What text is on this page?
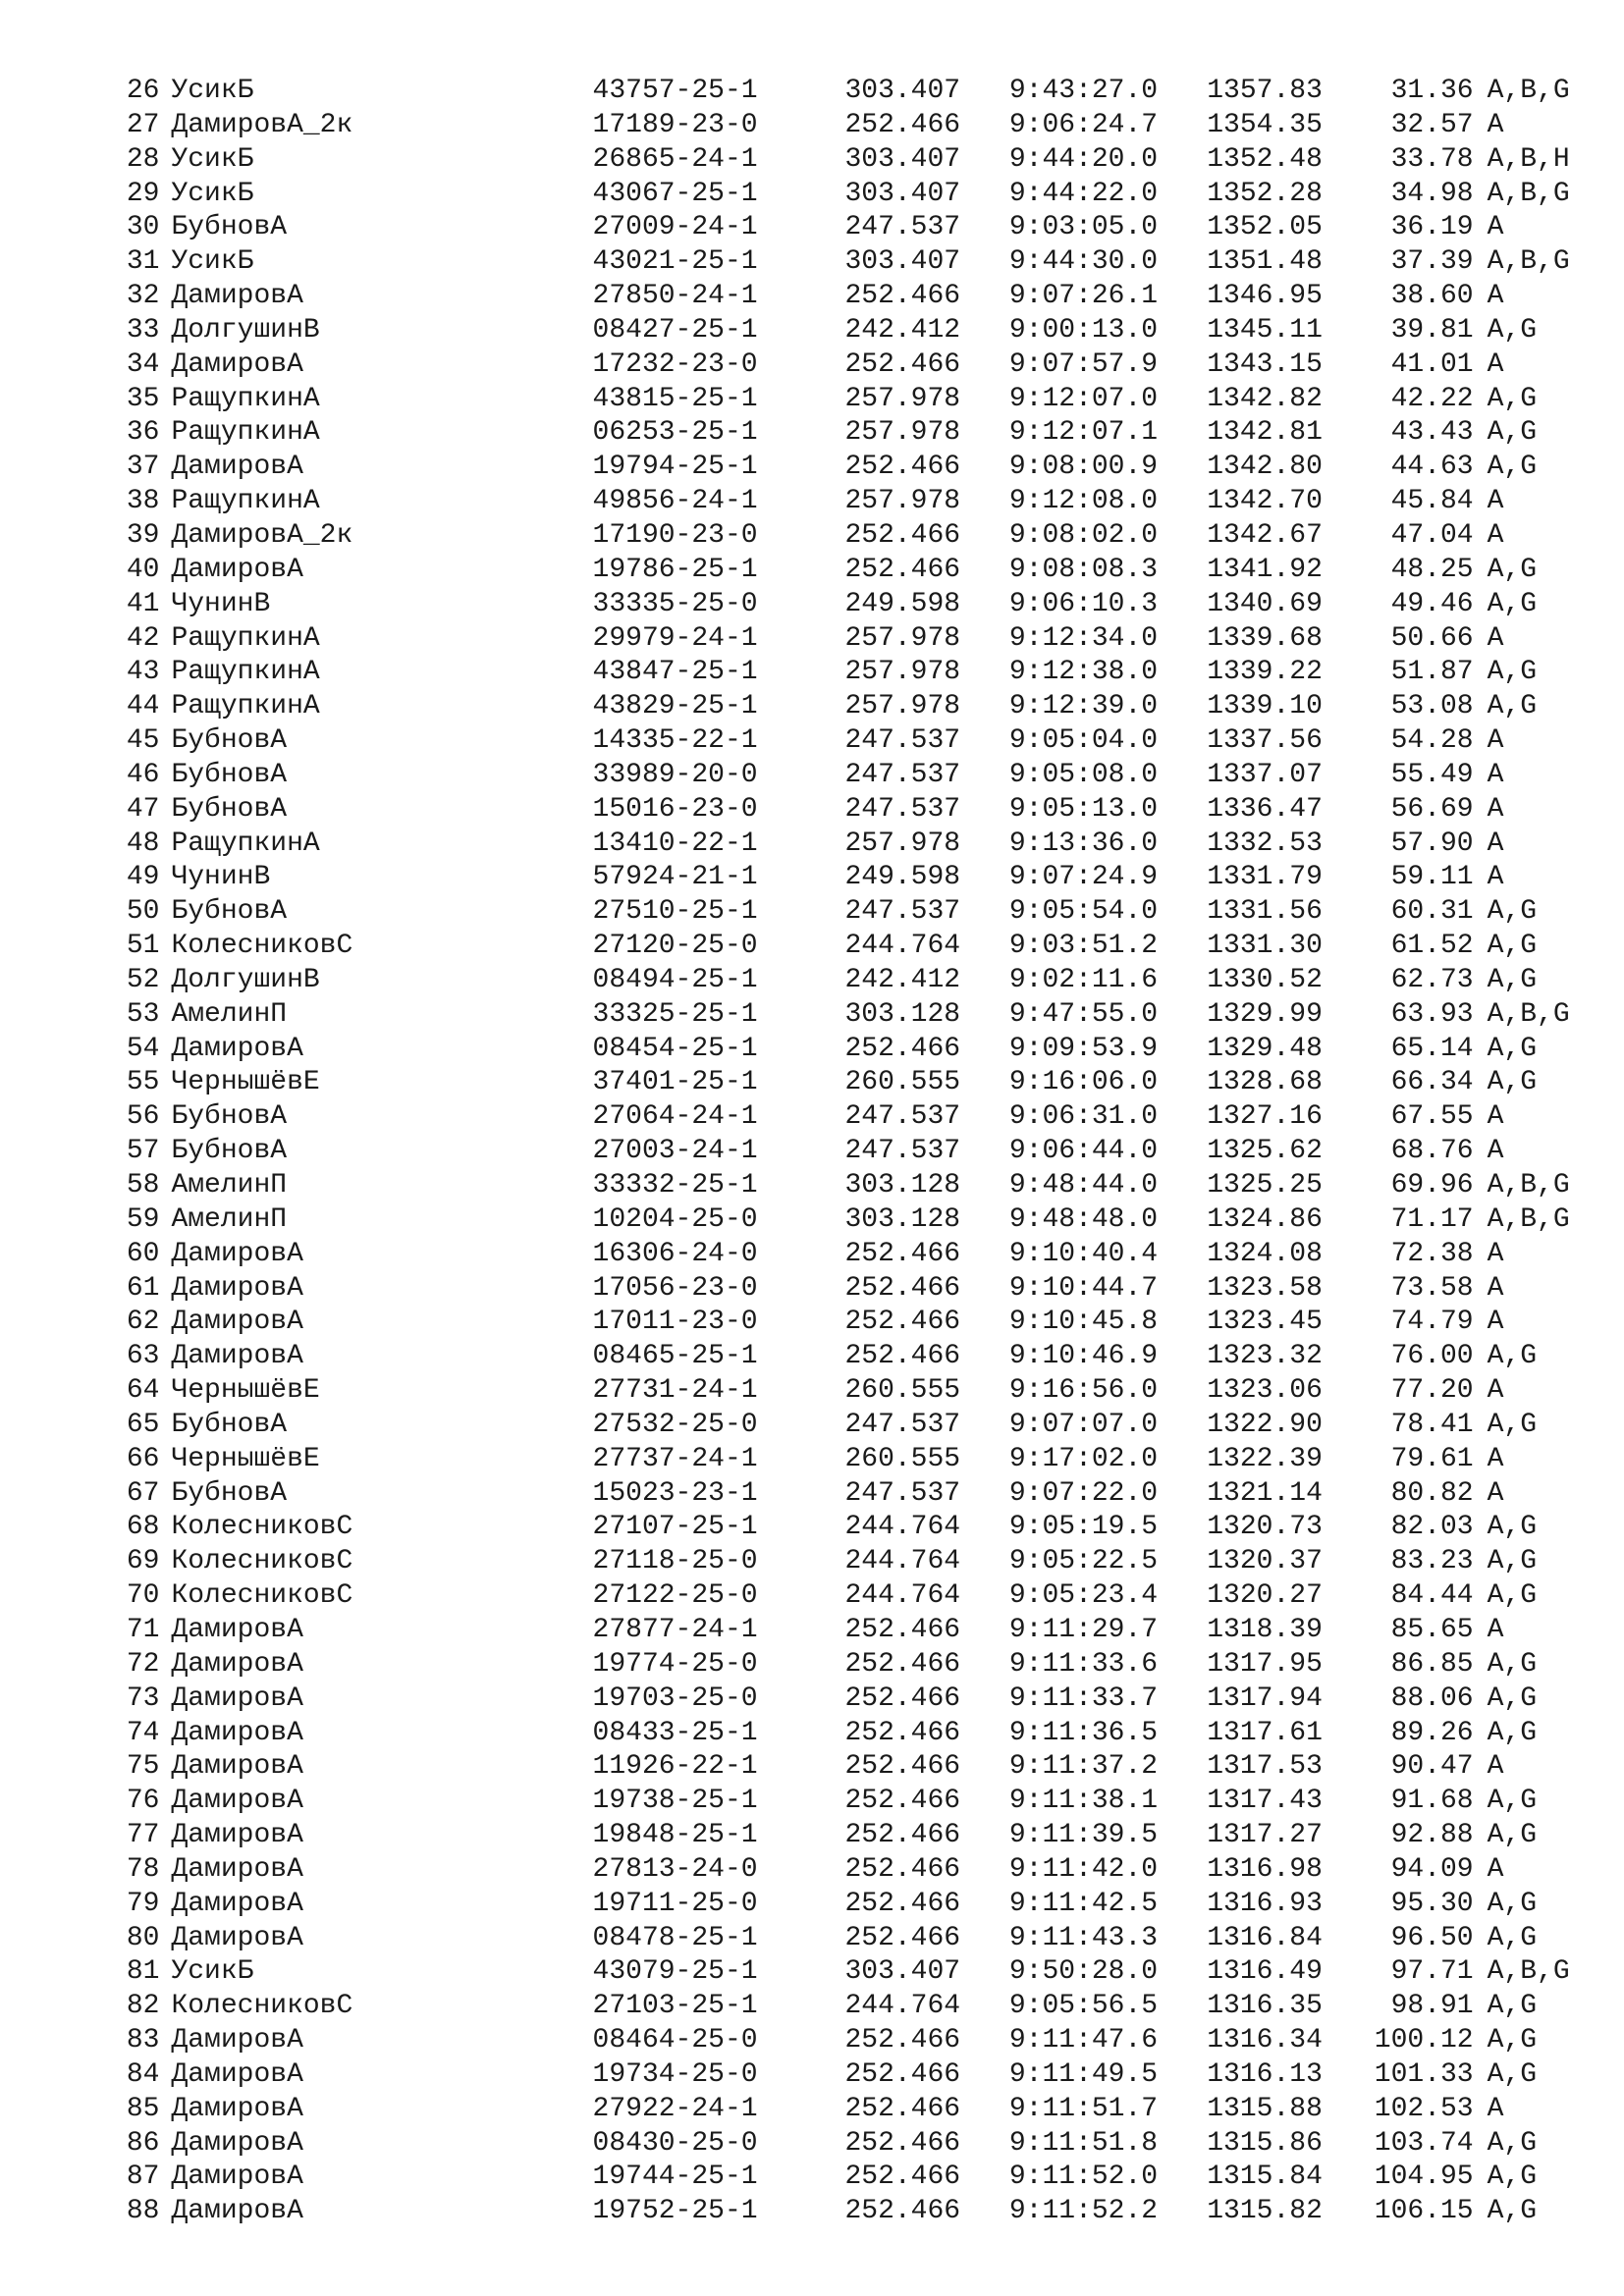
26	УсикБ	43757-25-1	303.407	9:43:27.0	1357.83	31.36	A,B,G
27	ДамировА_2к	17189-23-0	252.466	9:06:24.7	1354.35	32.57	A
28	УсикБ	26865-24-1	303.407	9:44:20.0	1352.48	33.78	A,B,H
29	УсикБ	43067-25-1	303.407	9:44:22.0	1352.28	34.98	A,B,G
30	БубновА	27009-24-1	247.537	9:03:05.0	1352.05	36.19	A
31	УсикБ	43021-25-1	303.407	9:44:30.0	1351.48	37.39	A,B,G
32	ДамировА	27850-24-1	252.466	9:07:26.1	1346.95	38.60	A
33	ДолгушинВ	08427-25-1	242.412	9:00:13.0	1345.11	39.81	A,G
34	ДамировА	17232-23-0	252.466	9:07:57.9	1343.15	41.01	A
35	РащупкинА	43815-25-1	257.978	9:12:07.0	1342.82	42.22	A,G
36	РащупкинА	06253-25-1	257.978	9:12:07.1	1342.81	43.43	A,G
37	ДамировА	19794-25-1	252.466	9:08:00.9	1342.80	44.63	A,G
38	РащупкинА	49856-24-1	257.978	9:12:08.0	1342.70	45.84	A
39	ДамировА_2к	17190-23-0	252.466	9:08:02.0	1342.67	47.04	A
40	ДамировА	19786-25-1	252.466	9:08:08.3	1341.92	48.25	A,G
41	ЧунинВ	33335-25-0	249.598	9:06:10.3	1340.69	49.46	A,G
42	РащупкинА	29979-24-1	257.978	9:12:34.0	1339.68	50.66	A
43	РащупкинА	43847-25-1	257.978	9:12:38.0	1339.22	51.87	A,G
44	РащупкинА	43829-25-1	257.978	9:12:39.0	1339.10	53.08	A,G
45	БубновА	14335-22-1	247.537	9:05:04.0	1337.56	54.28	A
46	БубновА	33989-20-0	247.537	9:05:08.0	1337.07	55.49	A
47	БубновА	15016-23-0	247.537	9:05:13.0	1336.47	56.69	A
48	РащупкинА	13410-22-1	257.978	9:13:36.0	1332.53	57.90	A
49	ЧунинВ	57924-21-1	249.598	9:07:24.9	1331.79	59.11	A
50	БубновА	27510-25-1	247.537	9:05:54.0	1331.56	60.31	A,G
51	КолесниковС	27120-25-0	244.764	9:03:51.2	1331.30	61.52	A,G
52	ДолгушинВ	08494-25-1	242.412	9:02:11.6	1330.52	62.73	A,G
53	АмелинП	33325-25-1	303.128	9:47:55.0	1329.99	63.93	A,B,G
54	ДамировА	08454-25-1	252.466	9:09:53.9	1329.48	65.14	A,G
55	ЧернышёвЕ	37401-25-1	260.555	9:16:06.0	1328.68	66.34	A,G
56	БубновА	27064-24-1	247.537	9:06:31.0	1327.16	67.55	A
57	БубновА	27003-24-1	247.537	9:06:44.0	1325.62	68.76	A
58	АмелинП	33332-25-1	303.128	9:48:44.0	1325.25	69.96	A,B,G
59	АмелинП	10204-25-0	303.128	9:48:48.0	1324.86	71.17	A,B,G
60	ДамировА	16306-24-0	252.466	9:10:40.4	1324.08	72.38	A
61	ДамировА	17056-23-0	252.466	9:10:44.7	1323.58	73.58	A
62	ДамировА	17011-23-0	252.466	9:10:45.8	1323.45	74.79	A
63	ДамировА	08465-25-1	252.466	9:10:46.9	1323.32	76.00	A,G
64	ЧернышёвЕ	27731-24-1	260.555	9:16:56.0	1323.06	77.20	A
65	БубновА	27532-25-0	247.537	9:07:07.0	1322.90	78.41	A,G
66	ЧернышёвЕ	27737-24-1	260.555	9:17:02.0	1322.39	79.61	A
67	БубновА	15023-23-1	247.537	9:07:22.0	1321.14	80.82	A
68	КолесниковС	27107-25-1	244.764	9:05:19.5	1320.73	82.03	A,G
69	КолесниковС	27118-25-0	244.764	9:05:22.5	1320.37	83.23	A,G
70	КолесниковС	27122-25-0	244.764	9:05:23.4	1320.27	84.44	A,G
71	ДамировА	27877-24-1	252.466	9:11:29.7	1318.39	85.65	A
72	ДамировА	19774-25-0	252.466	9:11:33.6	1317.95	86.85	A,G
73	ДамировА	19703-25-0	252.466	9:11:33.7	1317.94	88.06	A,G
74	ДамировА	08433-25-1	252.466	9:11:36.5	1317.61	89.26	A,G
75	ДамировА	11926-22-1	252.466	9:11:37.2	1317.53	90.47	A
76	ДамировА	19738-25-1	252.466	9:11:38.1	1317.43	91.68	A,G
77	ДамировА	19848-25-1	252.466	9:11:39.5	1317.27	92.88	A,G
78	ДамировА	27813-24-0	252.466	9:11:42.0	1316.98	94.09	A
79	ДамировА	19711-25-0	252.466	9:11:42.5	1316.93	95.30	A,G
80	ДамировА	08478-25-1	252.466	9:11:43.3	1316.84	96.50	A,G
81	УсикБ	43079-25-1	303.407	9:50:28.0	1316.49	97.71	A,B,G
82	КолесниковС	27103-25-1	244.764	9:05:56.5	1316.35	98.91	A,G
83	ДамировА	08464-25-0	252.466	9:11:47.6	1316.34	100.12	A,G
84	ДамировА	19734-25-0	252.466	9:11:49.5	1316.13	101.33	A,G
85	ДамировА	27922-24-1	252.466	9:11:51.7	1315.88	102.53	A
86	ДамировА	08430-25-0	252.466	9:11:51.8	1315.86	103.74	A,G
87	ДамировА	19744-25-1	252.466	9:11:52.0	1315.84	104.95	A,G
88	ДамировА	19752-25-1	252.466	9:11:52.2	1315.82	106.15	A,G
